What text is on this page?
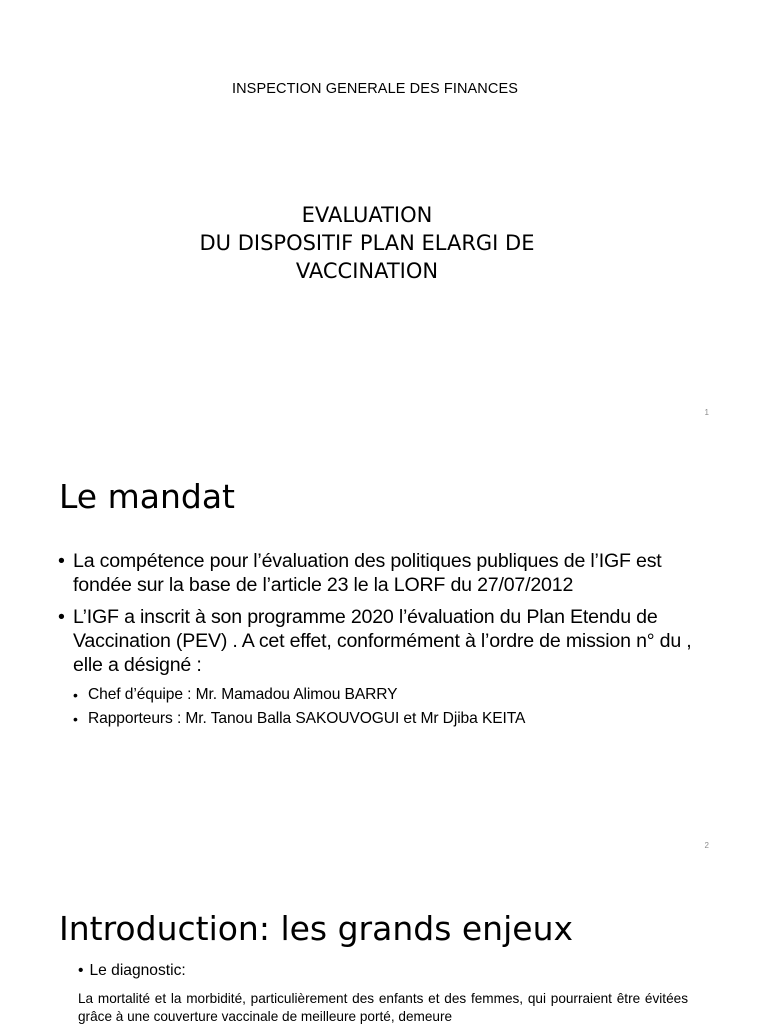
INSPECTION GENERALE DES FINANCES
EVALUATION
DU DISPOSITIF PLAN ELARGI DE
VACCINATION
1
Le mandat
• La compétence pour l’évaluation des politiques publiques de l’IGF est fondée sur la base de l’article 23 le la LORF du 27/07/2012
• L’IGF a inscrit à son programme 2020 l’évaluation du Plan Etendu de Vaccination (PEV) . A cet effet, conformément à l’ordre de mission n° du , elle a désigné :
• Chef d’équipe : Mr. Mamadou Alimou BARRY
• Rapporteurs : Mr. Tanou Balla SAKOUVOGUI et Mr Djiba KEITA
2
Introduction: les grands enjeux
• Le diagnostic:

La mortalité et la morbidité, particulièrement des enfants et des femmes, qui pourraient être évitées grâce à une couverture vaccinale de meilleure porté, demeure
